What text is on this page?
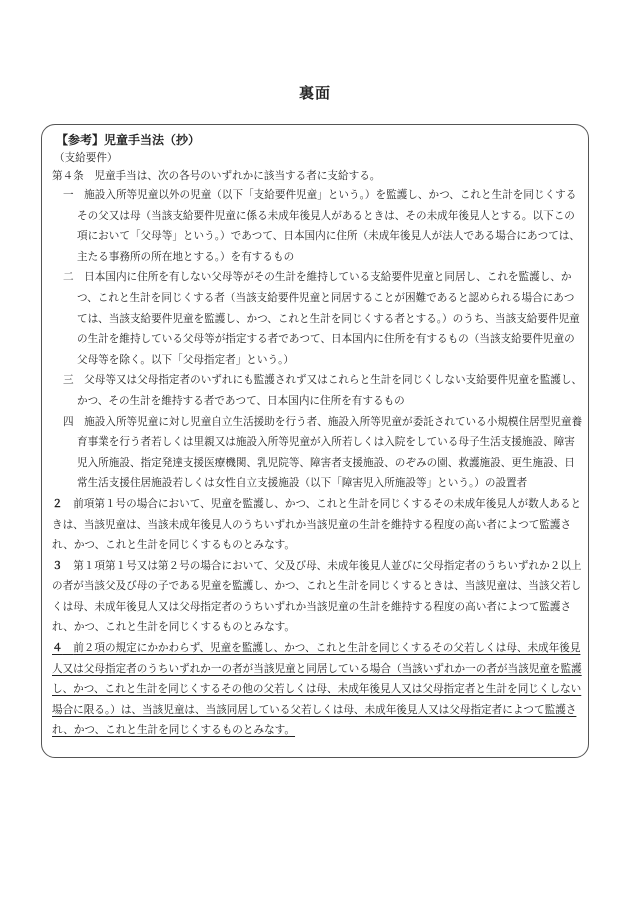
裏面

【参考】児童手当法（抄）

（支給要件）

第４条　児童手当は、次の各号のいずれかに該当する者に支給する。

一　施設入所等児童以外の児童（以下「支給要件児童」という。）を監護し、かつ、これと生計を同じくするその父又は母（当該支給要件児童に係る未成年後見人があるときは、その未成年後見人とする。以下この項において「父母等」という。）であつて、日本国内に住所（未成年後見人が法人である場合にあつては、主たる事務所の所在地とする。）を有するもの

二　日本国内に住所を有しない父母等がその生計を維持している支給要件児童と同居し、これを監護し、かつ、これと生計を同じくする者（当該支給要件児童と同居することが困難であると認められる場合にあつては、当該支給要件児童を監護し、かつ、これと生計を同じくする者とする。）のうち、当該支給要件児童の生計を維持している父母等が指定する者であつて、日本国内に住所を有するもの（当該支給要件児童の父母等を除く。以下「父母指定者」という。）

三　父母等又は父母指定者のいずれにも監護されず又はこれらと生計を同じくしない支給要件児童を監護し、かつ、その生計を維持する者であつて、日本国内に住所を有するもの

四　施設入所等児童に対し児童自立生活援助を行う者、施設入所等児童が委託されている小規模住居型児童養育事業を行う者若しくは里親又は施設入所等児童が入所若しくは入院をしている母子生活支援施設、障害児入所施設、指定発達支援医療機関、乳児院等、障害者支援施設、のぞみの園、救護施設、更生施設、日常生活支援住居施設若しくは女性自立支援施設（以下「障害児入所施設等」という。）の設置者

２　 前項第１号の場合において、児童を監護し、かつ、これと生計を同じくするその未成年後見人が数人あるときは、当該児童は、当該未成年後見人のうちいずれか当該児童の生計を維持する程度の高い者によつて監護され、かつ、これと生計を同じくするものとみなす。

３　 第１項第１号又は第２号の場合において、父及び母、未成年後見人並びに父母指定者のうちいずれか２以上の者が当該父及び母の子である児童を監護し、かつ、これと生計を同じくするときは、当該児童は、当該父若しくは母、未成年後見人又は父母指定者のうちいずれか当該児童の生計を維持する程度の高い者によつて監護され、かつ、これと生計を同じくするものとみなす。

４　 前２項の規定にかかわらず、児童を監護し、かつ、これと生計を同じくするその父若しくは母、未成年後見人又は父母指定者のうちいずれか一の者が当該児童と同居している場合（当該いずれか一の者が当該児童を監護し、かつ、これと生計を同じくするその他の父若しくは母、未成年後見人又は父母指定者と生計を同じくしない場合に限る。）は、当該児童は、当該同居している父若しくは母、未成年後見人又は父母指定者によつて監護され、かつ、これと生計を同じくするものとみなす。
